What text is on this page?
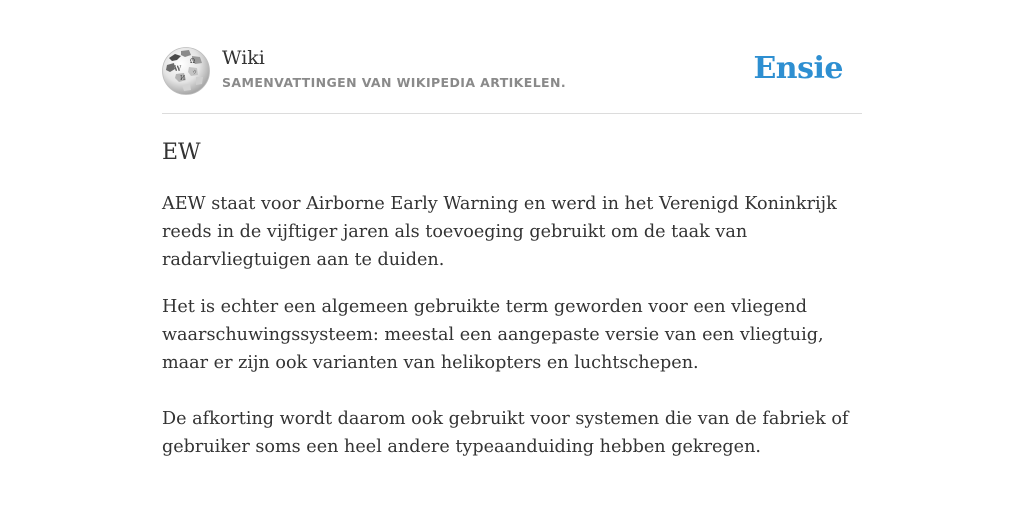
W
Ω
И
ウ
Wiki
SAMENVATTINGEN VAN WIKIPEDIA ARTIKELEN.	Ensie
EW

AEW staat voor Airborne Early Warning en werd in het Verenigd Koninkrijk reeds in de vijftiger jaren als toevoeging gebruikt om de taak van radarvliegtuigen aan te duiden.

Het is echter een algemeen gebruikte term geworden voor een vliegend waarschuwingssysteem: meestal een aangepaste versie van een vliegtuig, maar er zijn ook varianten van helikopters en luchtschepen.

De afkorting wordt daarom ook gebruikt voor systemen die van de fabriek of gebruiker soms een heel andere typeaanduiding hebben gekregen.
